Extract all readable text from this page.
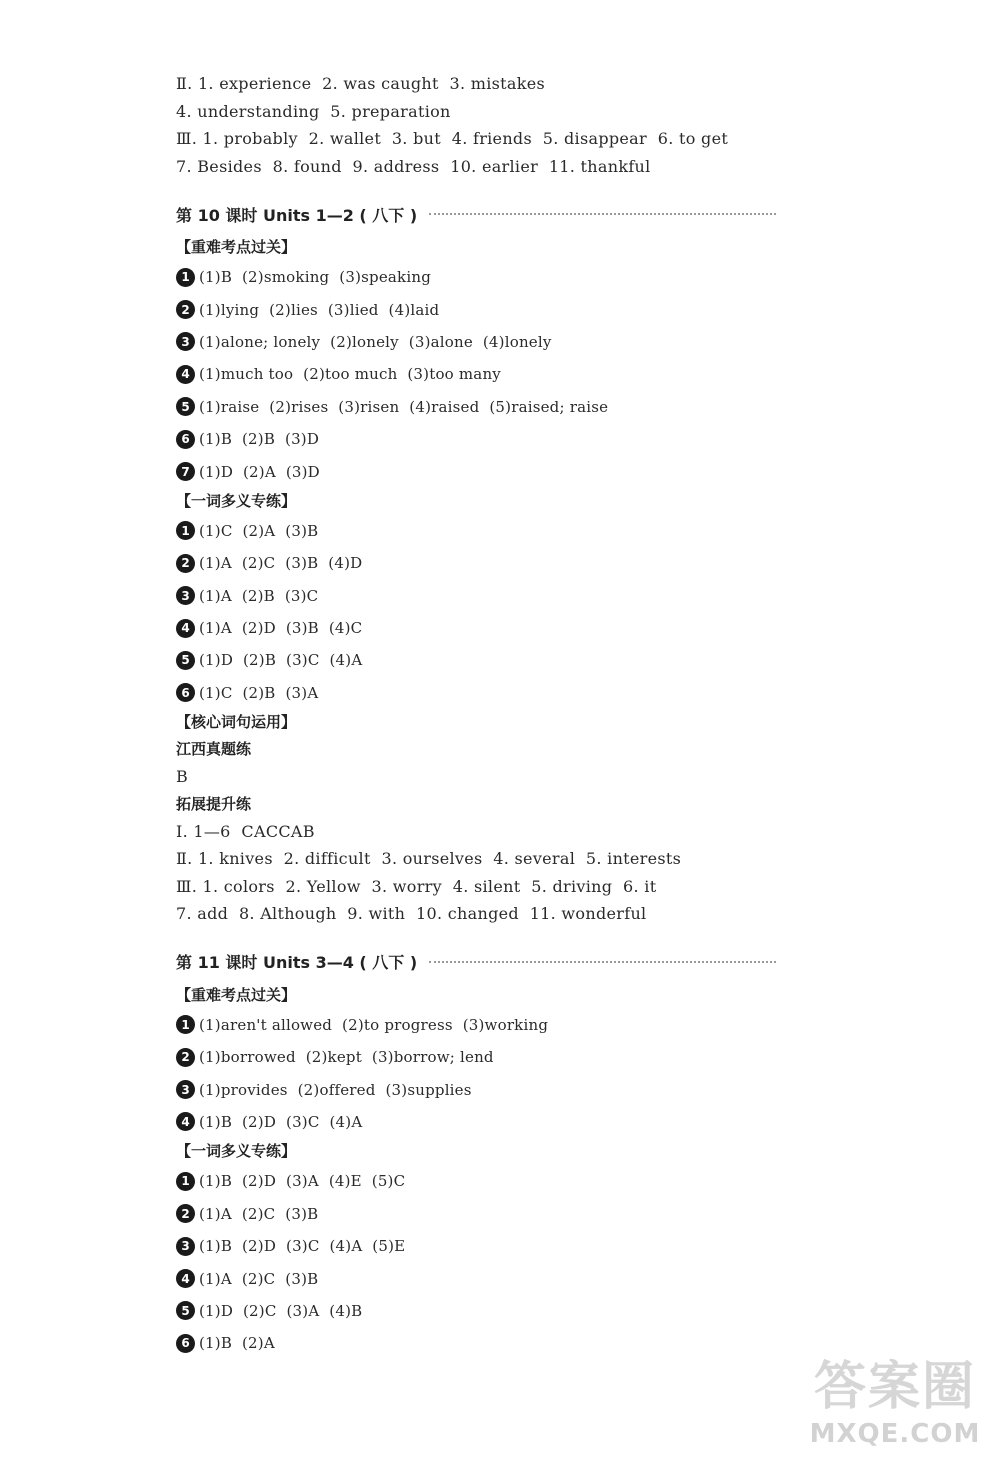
Ⅱ. 1. experience  2. was caught  3. mistakes
4. understanding  5. preparation
Ⅲ. 1. probably  2. wallet  3. but  4. friends  5. disappear  6. to get
7. Besides  8. found  9. address  10. earlier  11. thankful
第 10 课时 Units 1—2 ( 八下 )
【重难考点过关】
1 (1)B  (2)smoking  (3)speaking
2 (1)lying  (2)lies  (3)lied  (4)laid
3 (1)alone; lonely  (2)lonely  (3)alone  (4)lonely
4 (1)much too  (2)too much  (3)too many
5 (1)raise  (2)rises  (3)risen  (4)raised  (5)raised; raise
6 (1)B  (2)B  (3)D
7 (1)D  (2)A  (3)D
【一词多义专练】
1 (1)C  (2)A  (3)B
2 (1)A  (2)C  (3)B  (4)D
3 (1)A  (2)B  (3)C
4 (1)A  (2)D  (3)B  (4)C
5 (1)D  (2)B  (3)C  (4)A
6 (1)C  (2)B  (3)A
【核心词句运用】
江西真题练
B
拓展提升练
Ⅰ. 1—6  CACCAB
Ⅱ. 1. knives  2. difficult  3. ourselves  4. several  5. interests
Ⅲ. 1. colors  2. Yellow  3. worry  4. silent  5. driving  6. it
7. add  8. Although  9. with  10. changed  11. wonderful
第 11 课时 Units 3—4 ( 八下 )
【重难考点过关】
1 (1)aren't allowed  (2)to progress  (3)working
2 (1)borrowed  (2)kept  (3)borrow; lend
3 (1)provides  (2)offered  (3)supplies
4 (1)B  (2)D  (3)C  (4)A
【一词多义专练】
1 (1)B  (2)D  (3)A  (4)E  (5)C
2 (1)A  (2)C  (3)B
3 (1)B  (2)D  (3)C  (4)A  (5)E
4 (1)A  (2)C  (3)B
5 (1)D  (2)C  (3)A  (4)B
6 (1)B  (2)A
答案圈
MXQE.COM
